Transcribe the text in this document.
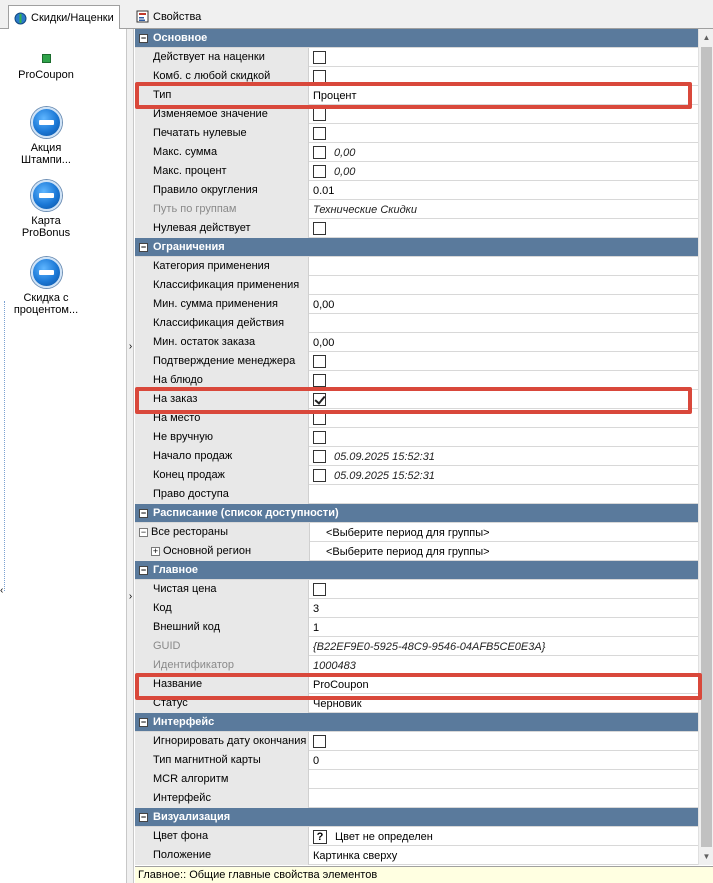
Скидки/Наценки	Свойства
ProCoupon
Акция Штампи...
Карта ProBonus
Скидка с процентом...
‹
›
›
− Основное
Действует на наценки
Комб. с любой скидкой
Тип	Процент
Изменяемое значение
Печатать нулевые
Макс. сумма	0,00
Макс. процент	0,00
Правило округления	0.01
Путь по группам	Технические Скидки
Нулевая действует
− Ограничения
Категория применения
Классификация применения
Мин. сумма применения	0,00
Классификация действия
Мин. остаток заказа	0,00
Подтверждение менеджера
На блюдо
На заказ
На место
Не вручную
Начало продаж	05.09.2025 15:52:31
Конец продаж	05.09.2025 15:52:31
Право доступа
− Расписание (список доступности)
− Все рестораны	<Выберите период для группы>
+ Основной регион	<Выберите период для группы>
− Главное
Чистая цена
Код	3
Внешний код	1
GUID	{B22EF9E0-5925-48C9-9546-04AFB5CE0E3A}
Идентификатор	1000483
Название	ProCoupon
Статус	Черновик
− Интерфейс
Игнорировать дату окончания
Тип магнитной карты	0
MCR алгоритм
Интерфейс
− Визуализация
Цвет фона	?	Цвет не определен
Положение	Картинка сверху
▲
▼
Главное:: Общие главные свойства элементов
